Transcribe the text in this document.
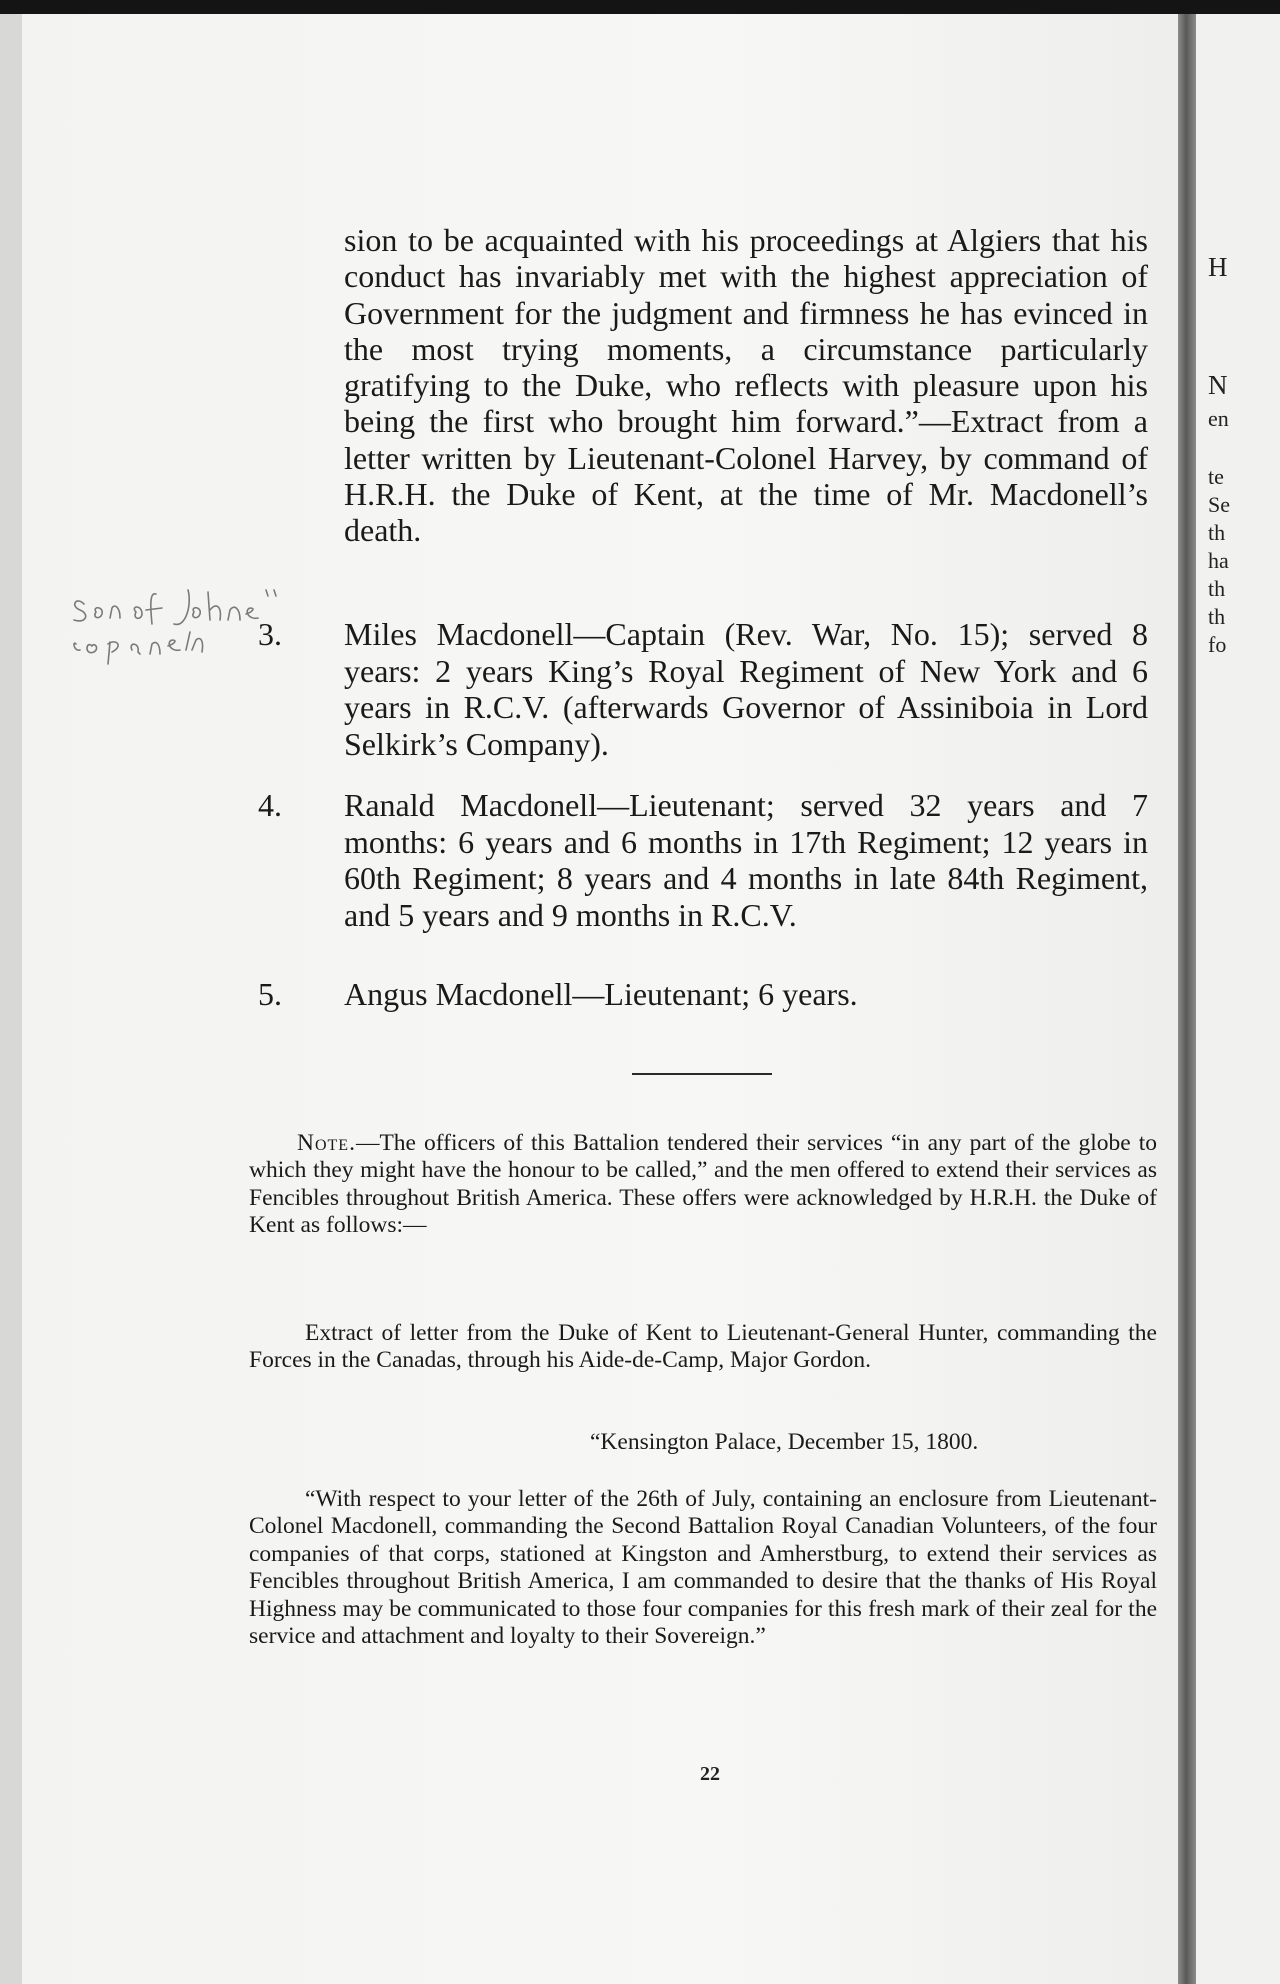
sion to be acquainted with his proceedings at Algiers that his conduct has invariably met with the highest appreciation of Government for the judgment and firmness he has evinced in the most trying moments, a circumstance particularly gratifying to the Duke, who reflects with pleasure upon his being the first who brought him forward.”—Extract from a letter written by Lieutenant-Colonel Harvey, by command of H.R.H. the Duke of Kent, at the time of Mr. Macdonell’s death.
3.	Miles Macdonell—Captain (Rev. War, No. 15); served 8 years: 2 years King’s Royal Regiment of New York and 6 years in R.C.V. (afterwards Governor of Assiniboia in Lord Selkirk’s Company).
4.	Ranald Macdonell—Lieutenant; served 32 years and 7 months: 6 years and 6 months in 17th Regiment; 12 years in 60th Regiment; 8 years and 4 months in late 84th Regiment, and 5 years and 9 months in R.C.V.
5.	Angus Macdonell—Lieutenant; 6 years.
Note.—The officers of this Battalion tendered their services “in any part of the globe to which they might have the honour to be called,” and the men offered to extend their services as Fencibles throughout British America. These offers were acknowledged by H.R.H. the Duke of Kent as follows:—
Extract of letter from the Duke of Kent to Lieutenant-General Hunter, commanding the Forces in the Canadas, through his Aide-de-Camp, Major Gordon.
“Kensington Palace, December 15, 1800.
“With respect to your letter of the 26th of July, containing an enclosure from Lieutenant-Colonel Macdonell, commanding the Second Battalion Royal Canadian Volunteers, of the four companies of that corps, stationed at Kingston and Amherstburg, to extend their services as Fencibles throughout British America, I am commanded to desire that the thanks of His Royal Highness may be communicated to those four companies for this fresh mark of their zeal for the service and attachment and loyalty to their Sovereign.”
22
H
N
en
te
Se
th
ha
th
th
fo
